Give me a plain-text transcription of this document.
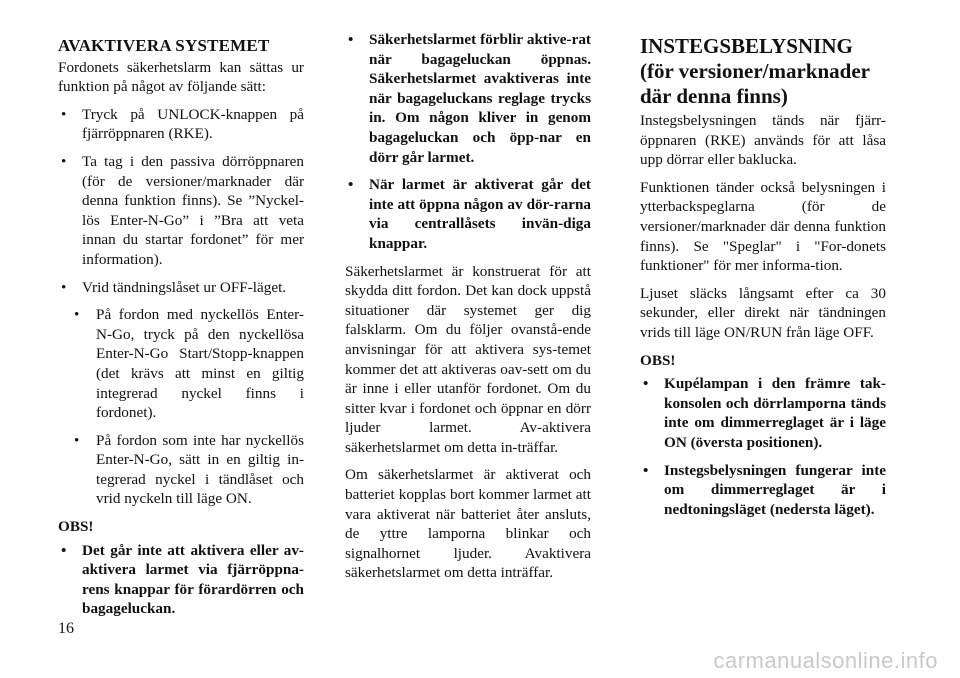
AVAKTIVERA SYSTEMET

Fordonets säkerhetslarm kan sättas ur funktion på något av följande sätt:

• Tryck på UNLOCK-knappen på fjärröppnaren (RKE).
• Ta tag i den passiva dörröppnaren (för de versioner/marknader där denna funktion finns). Se ”Nyckel-lös Enter-N-Go” i ”Bra att veta innan du startar fordonet” för mer information).
• Vrid tändningslåset ur OFF-läget.
• På fordon med nyckellös Enter-N-Go, tryck på den nyckellösa Enter-N-Go Start/Stopp-knappen (det krävs att minst en giltig integrerad nyckel finns i fordonet).
• På fordon som inte har nyckellös Enter-N-Go, sätt in en giltig in-tegrerad nyckel i tändlåset och vrid nyckeln till läge ON.
OBS!
• Det går inte att aktivera eller av-aktivera larmet via fjärröppna-rens knappar för förardörren och bagageluckan.
• Säkerhetslarmet förblir aktive-rat när bagageluckan öppnas. Säkerhetslarmet avaktiveras inte när bagageluckans reglage trycks in. Om någon kliver in genom bagageluckan och öpp-nar en dörr går larmet.
• När larmet är aktiverat går det inte att öppna någon av dör-rarna via centrallåsets invän-diga knappar.

Säkerhetslarmet är konstruerat för att skydda ditt fordon. Det kan dock uppstå situationer där systemet ger dig falsklarm. Om du följer ovanstå-ende anvisningar för att aktivera sys-temet kommer det att aktiveras oav-sett om du är inne i eller utanför fordonet. Om du sitter kvar i fordonet och öppnar en dörr ljuder larmet. Av-aktivera säkerhetslarmet om detta in-träffar.

Om säkerhetslarmet är aktiverat och batteriet kopplas bort kommer larmet att vara aktiverat när batteriet åter ansluts, de yttre lamporna blinkar och signalhornet ljuder. Avaktivera säkerhetslarmet om detta inträffar.

INSTEGSBELYSNING (för versioner/marknader där denna finns)

Instegsbelysningen tänds när fjärr-öppnaren (RKE) används för att låsa upp dörrar eller baklucka.

Funktionen tänder också belysningen i ytterbackspeglarna (för de versioner/marknader där denna funktion finns). Se "Speglar" i "For-donets funktioner" för mer informa-tion.

Ljuset släcks långsamt efter ca 30 sekunder, eller direkt när tändningen vrids till läge ON/RUN från läge OFF.

OBS!
• Kupélampan i den främre tak-konsolen och dörrlamporna tänds inte om dimmerreglaget är i läge ON (översta positionen).
• Instegsbelysningen fungerar inte om dimmerreglaget är i nedtoningsläget (nedersta läget).
16
carmanualsonline.info
